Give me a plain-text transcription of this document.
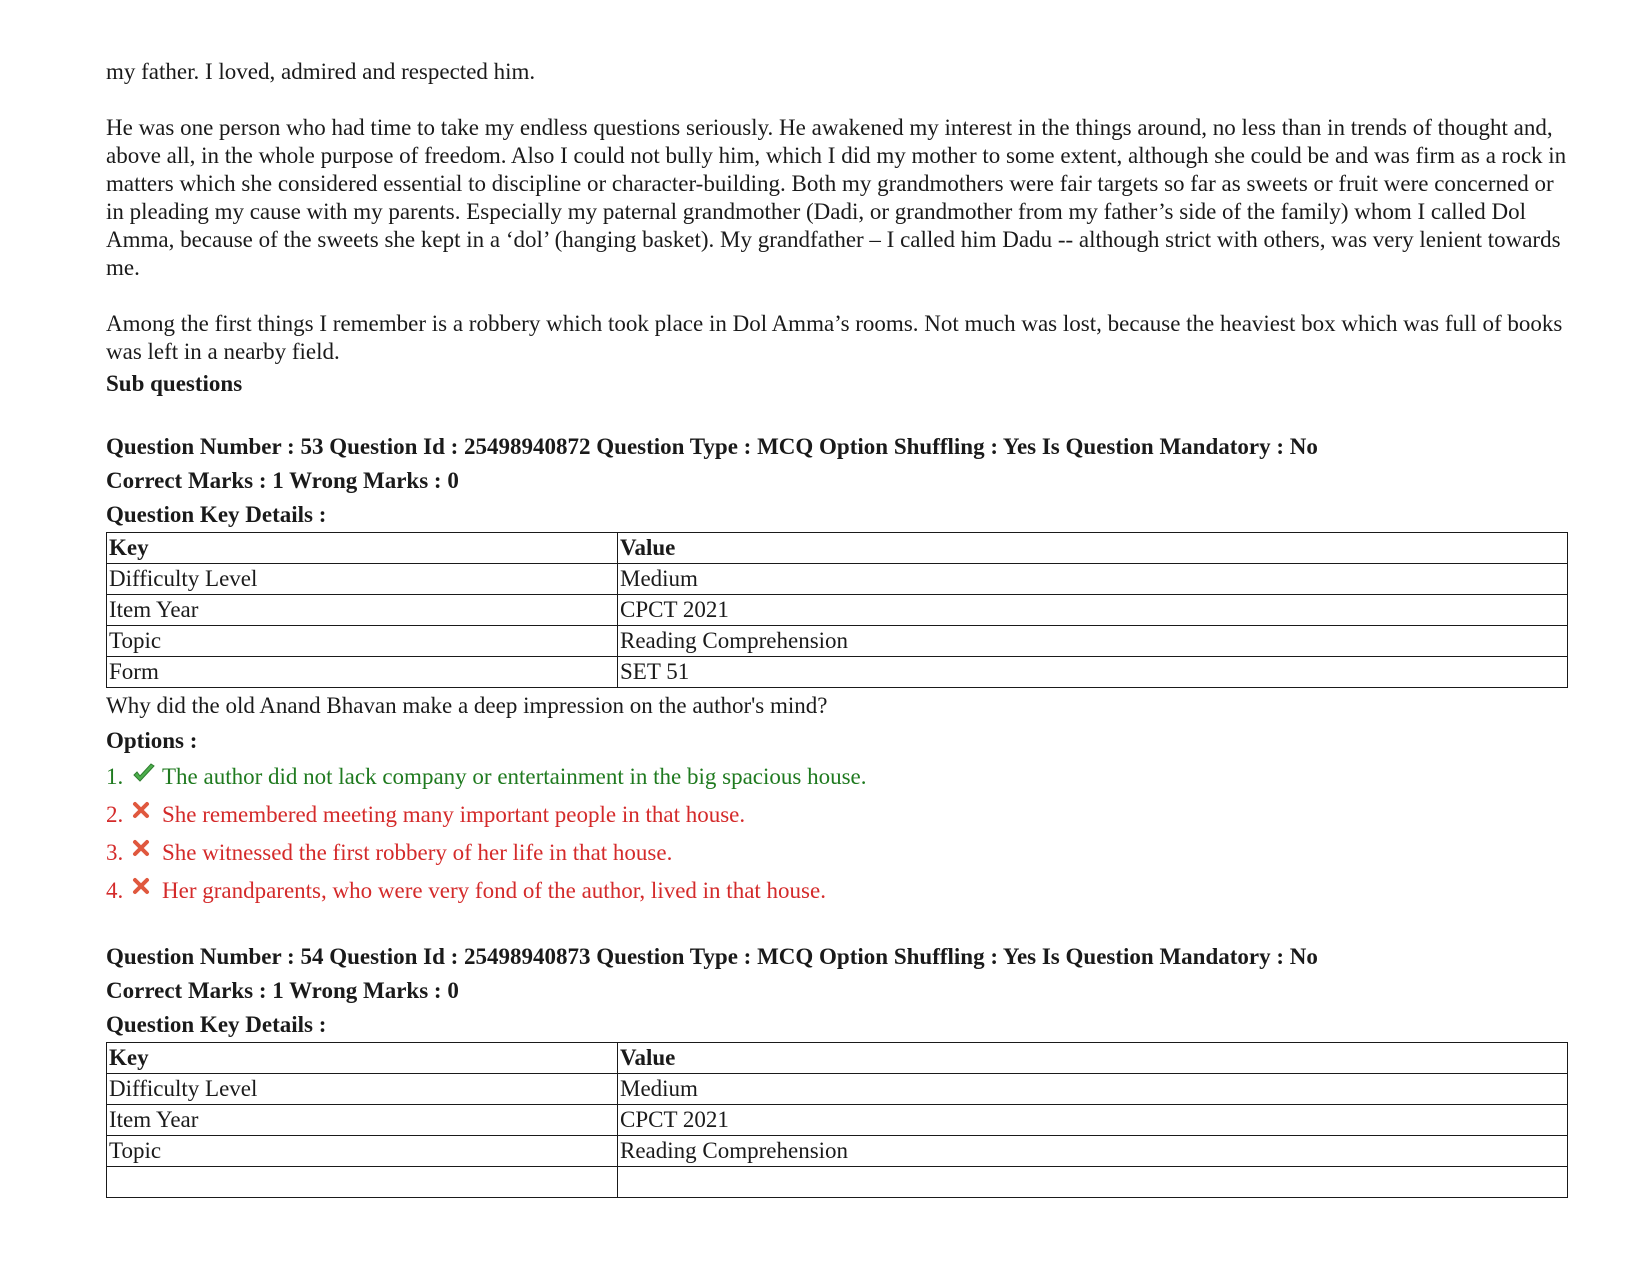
my father. I loved, admired and respected him.

He was one person who had time to take my endless questions seriously. He awakened my interest in the things around, no less than in trends of thought and, above all, in the whole purpose of freedom. Also I could not bully him, which I did my mother to some extent, although she could be and was firm as a rock in matters which she considered essential to discipline or character-building. Both my grandmothers were fair targets so far as sweets or fruit were concerned or in pleading my cause with my parents. Especially my paternal grandmother (Dadi, or grandmother from my father’s side of the family) whom I called Dol Amma, because of the sweets she kept in a ‘dol’ (hanging basket). My grandfather – I called him Dadu -- although strict with others, was very lenient towards me.

Among the first things I remember is a robbery which took place in Dol Amma’s rooms. Not much was lost, because the heaviest box which was full of books was left in a nearby field.

Sub questions

Question Number : 53 Question Id : 25498940872 Question Type : MCQ Option Shuffling : Yes Is Question Mandatory : No

Correct Marks : 1 Wrong Marks : 0

Question Key Details :

Key	Value
Difficulty Level	Medium
Item Year	CPCT 2021
Topic	Reading Comprehension
Form	SET 51

Why did the old Anand Bhavan make a deep impression on the author's mind?

Options :

1.	The author did not lack company or entertainment in the big spacious house.
2.	She remembered meeting many important people in that house.
3.	She witnessed the first robbery of her life in that house.
4.	Her grandparents, who were very fond of the author, lived in that house.

Question Number : 54 Question Id : 25498940873 Question Type : MCQ Option Shuffling : Yes Is Question Mandatory : No

Correct Marks : 1 Wrong Marks : 0

Question Key Details :

Key	Value
Difficulty Level	Medium
Item Year	CPCT 2021
Topic	Reading Comprehension
